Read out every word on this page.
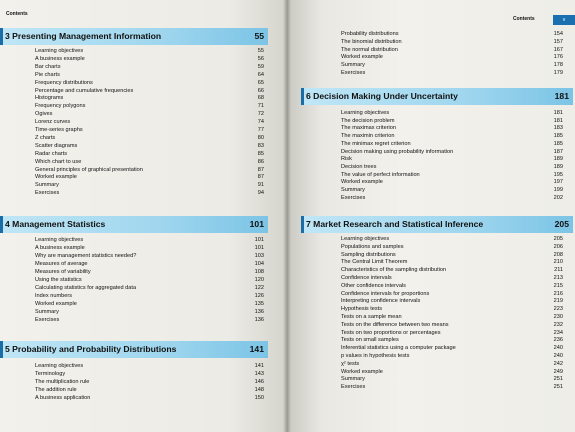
Contents
3 Presenting Management Information	55
Learning objectives	55
A business example	56
Bar charts	59
Pie charts	64
Frequency distributions	65
Percentage and cumulative frequencies	66
Histograms	68
Frequency polygons	71
Ogives	72
Lorenz curves	74
Time-series graphs	77
Z charts	80
Scatter diagrams	83
Radar charts	85
Which chart to use	86
General principles of graphical presentation	87
Worked example	87
Summary	91
Exercises	94
4 Management Statistics	101
Learning objectives	101
A business example	101
Why are management statistics needed?	103
Measures of average	104
Measures of variability	108
Using the statistics	120
Calculating statistics for aggregated data	122
Index numbers	126
Worked example	135
Summary	136
Exercises	136
5 Probability and Probability Distributions	141
Learning objectives	141
Terminology	143
The multiplication rule	146
The addition rule	148
A business application	150
Contents	v
Probability distributions	154
The binomial distribution	157
The normal distribution	167
Worked example	176
Summary	178
Exercises	179
6 Decision Making Under Uncertainty	181
Learning objectives	181
The decision problem	181
The maximax criterion	183
The maximin criterion	185
The minimax regret criterion	185
Decision making using probability information	187
Risk	189
Decision trees	189
The value of perfect information	195
Worked example	197
Summary	199
Exercises	202
7 Market Research and Statistical Inference	205
Learning objectives	205
Populations and samples	206
Sampling distributions	208
The Central Limit Theorem	210
Characteristics of the sampling distribution	211
Confidence intervals	213
Other confidence intervals	215
Confidence intervals for proportions	216
Interpreting confidence intervals	219
Hypothesis tests	223
Tests on a sample mean	230
Tests on the difference between two means	232
Tests on two proportions or percentages	234
Tests on small samples	236
Inferential statistics using a computer package	240
p values in hypothesis tests	240
χ² tests	242
Worked example	249
Summary	251
Exercises	251
